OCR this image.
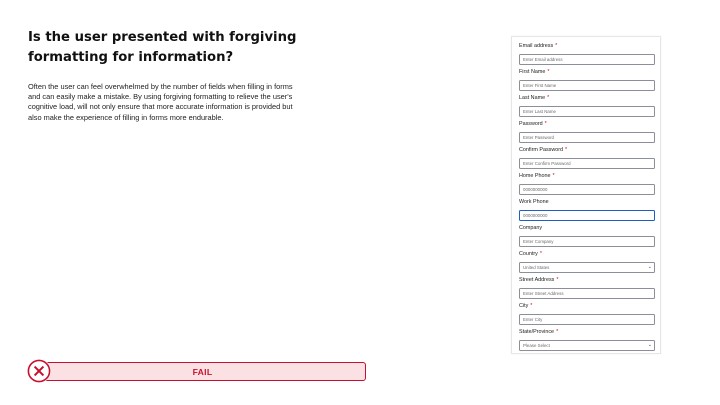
Is the user presented with forgiving formatting for information?
Often the user can feel overwhelmed by the number of fields when filling in forms and can easily make a mistake. By using forgiving formatting to relieve the user's cognitive load, will not only ensure that more accurate information is provided but also make the experience of filling in forms more endurable.
FAIL
Email address *
Enter Email address
First Name *
Enter First Name
Last Name *
Enter Last Name
Password *
Enter Password
Confirm Password *
Enter Confirm Password
Home Phone *
0000000000
Work Phone
0000000000
Company
Enter Company
Country *
United States	⌄
Street Address *
Enter Street Address
City *
Enter City
State/Province *
Please Select	⌄
